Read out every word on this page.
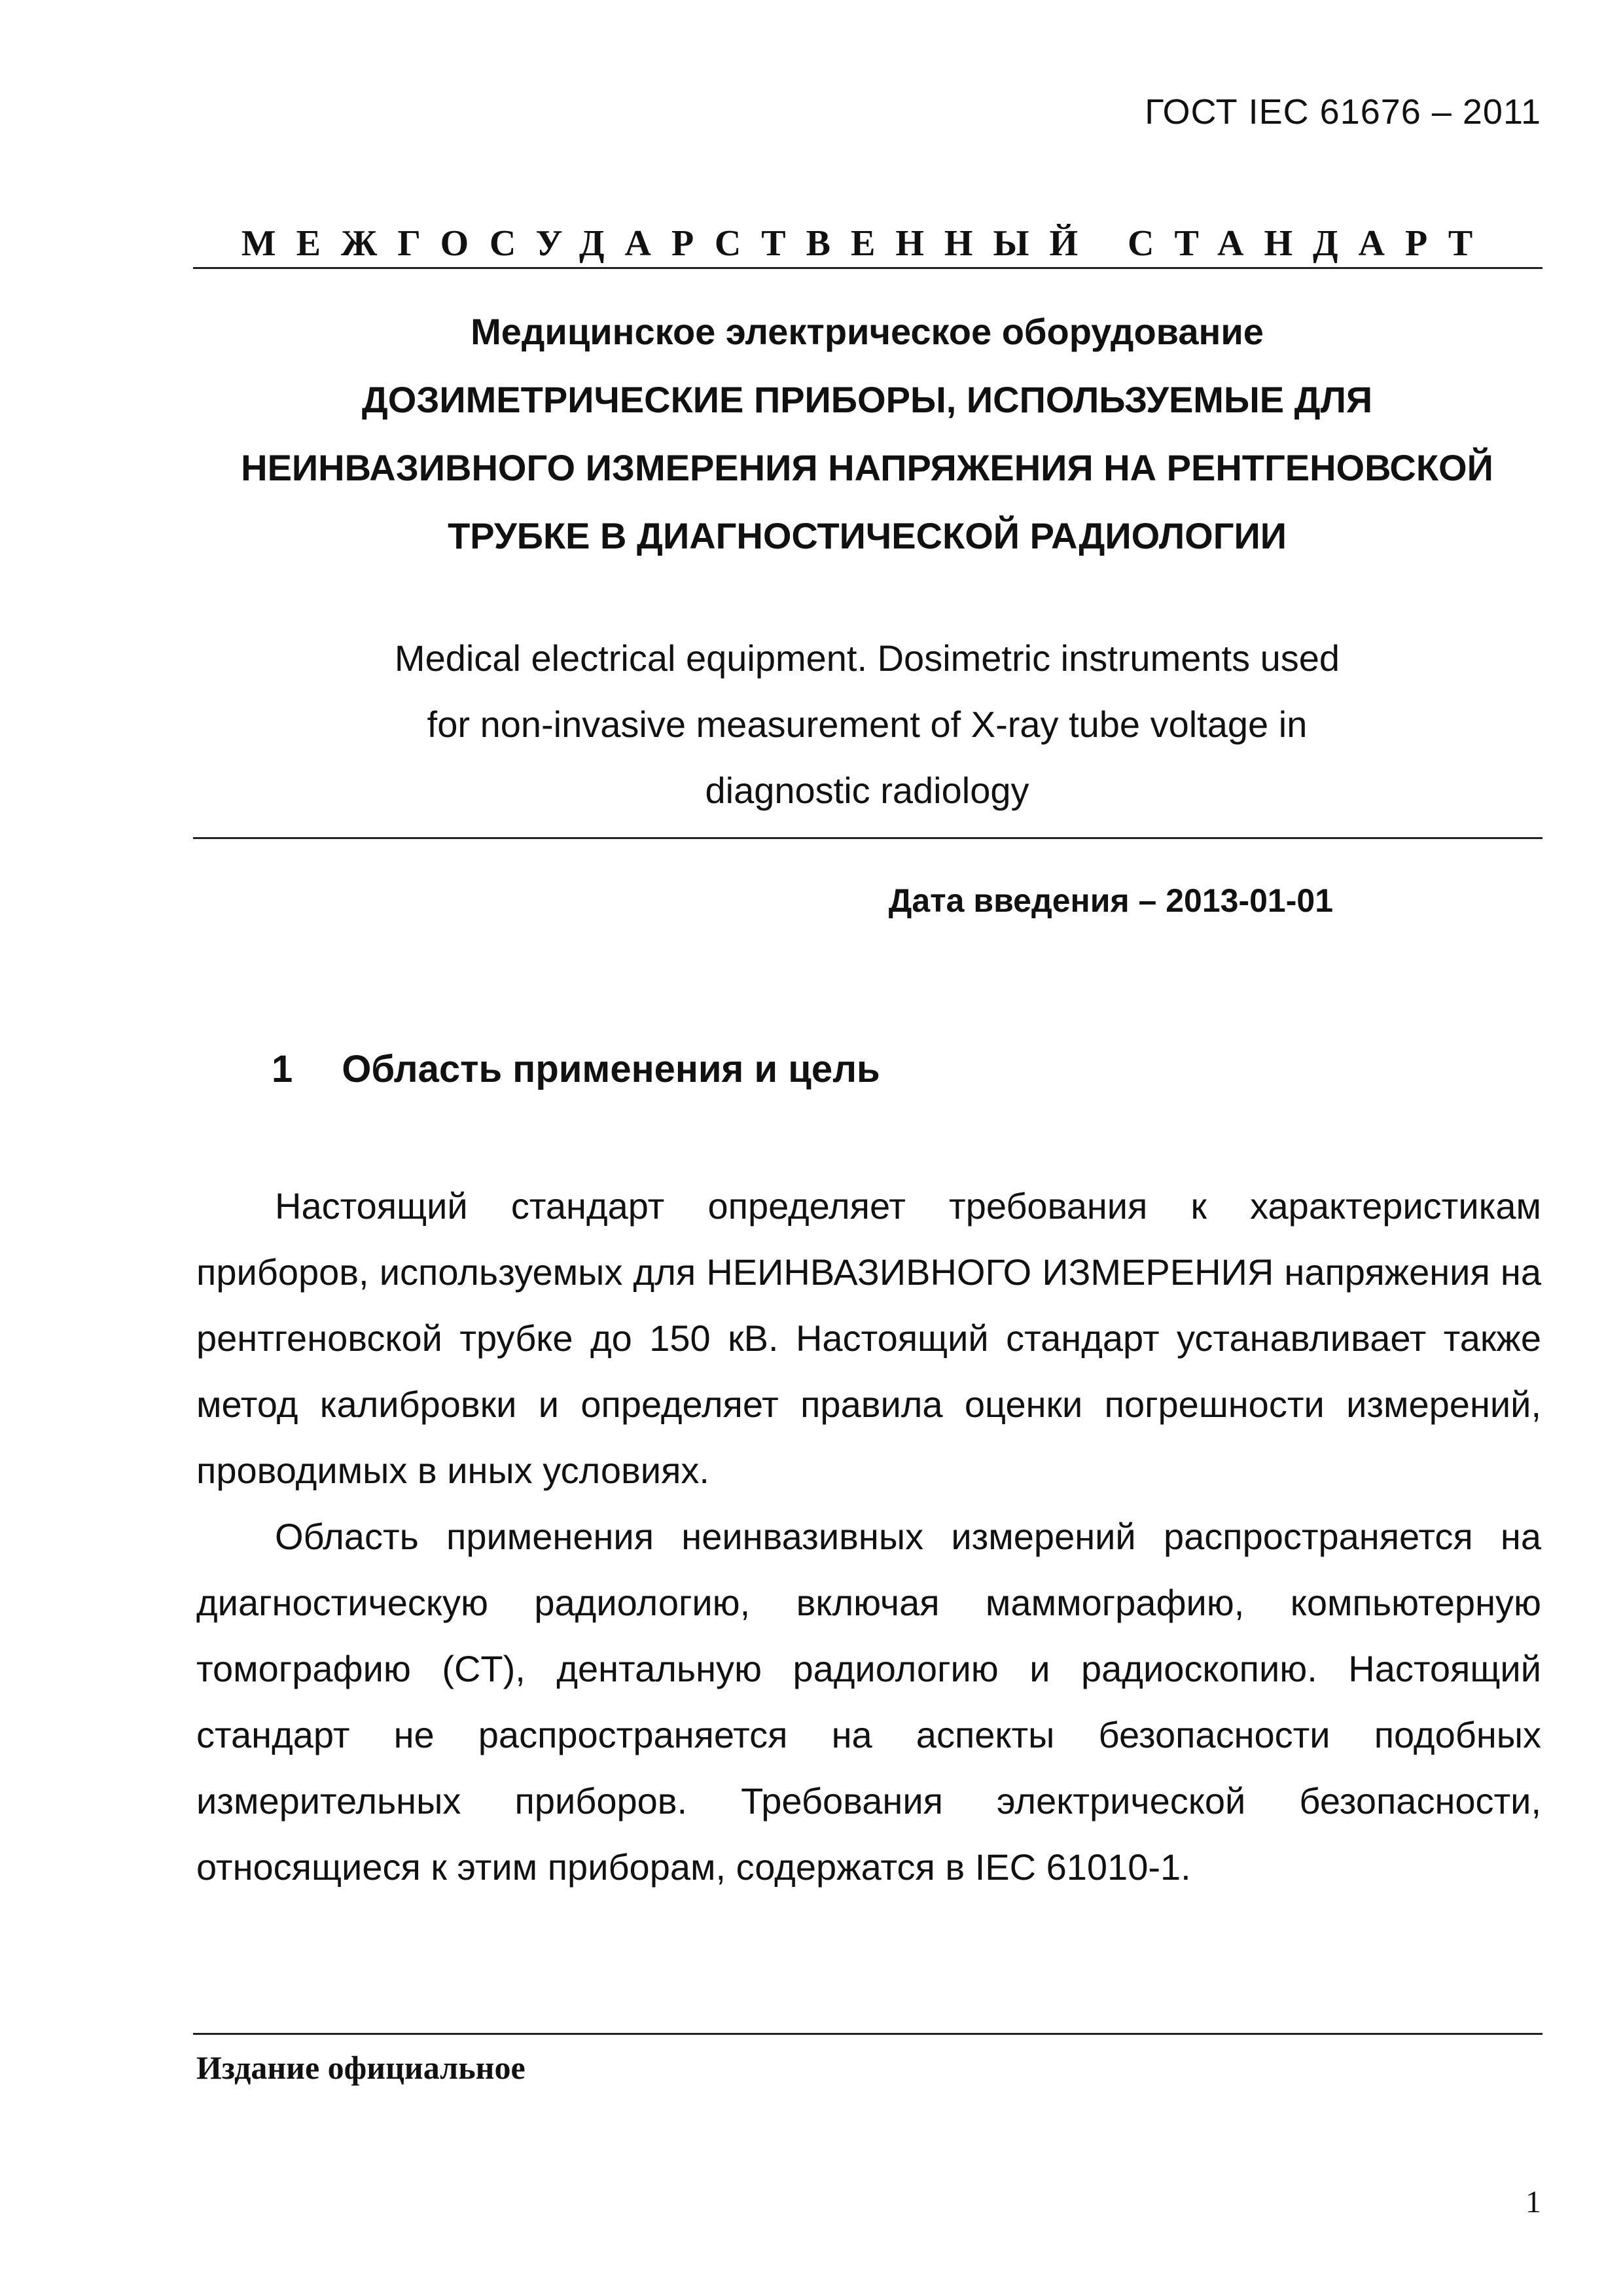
ГОСТ IEC 61676 – 2011
МЕЖГОСУДАРСТВЕННЫЙ СТАНДАРТ
Медицинское электрическое оборудование
ДОЗИМЕТРИЧЕСКИЕ ПРИБОРЫ, ИСПОЛЬЗУЕМЫЕ ДЛЯ
НЕИНВАЗИВНОГО ИЗМЕРЕНИЯ НАПРЯЖЕНИЯ НА РЕНТГЕНОВСКОЙ
ТРУБКЕ В ДИАГНОСТИЧЕСКОЙ РАДИОЛОГИИ
Medical electrical equipment. Dosimetric instruments used
for non-invasive measurement of X-ray tube voltage in
diagnostic radiology
Дата введения – 2013-01-01
1 Область применения и цель

Настоящий стандарт определяет требования к характеристикам приборов, используемых для НЕИНВАЗИВНОГО ИЗМЕРЕНИЯ напряжения на рентгеновской трубке до 150 кВ. Настоящий стандарт устанавливает также метод калибровки и определяет правила оценки погрешности измерений, проводимых в иных условиях.

Область применения неинвазивных измерений распространяется на диагностическую радиологию, включая маммографию, компьютерную томографию (CT), дентальную радиологию и радиоскопию. Настоящий стандарт не распространяется на аспекты безопасности подобных измерительных приборов. Требования электрической безопасности, относящиеся к этим приборам, содержатся в IEC 61010-1.

Издание официальное
1
